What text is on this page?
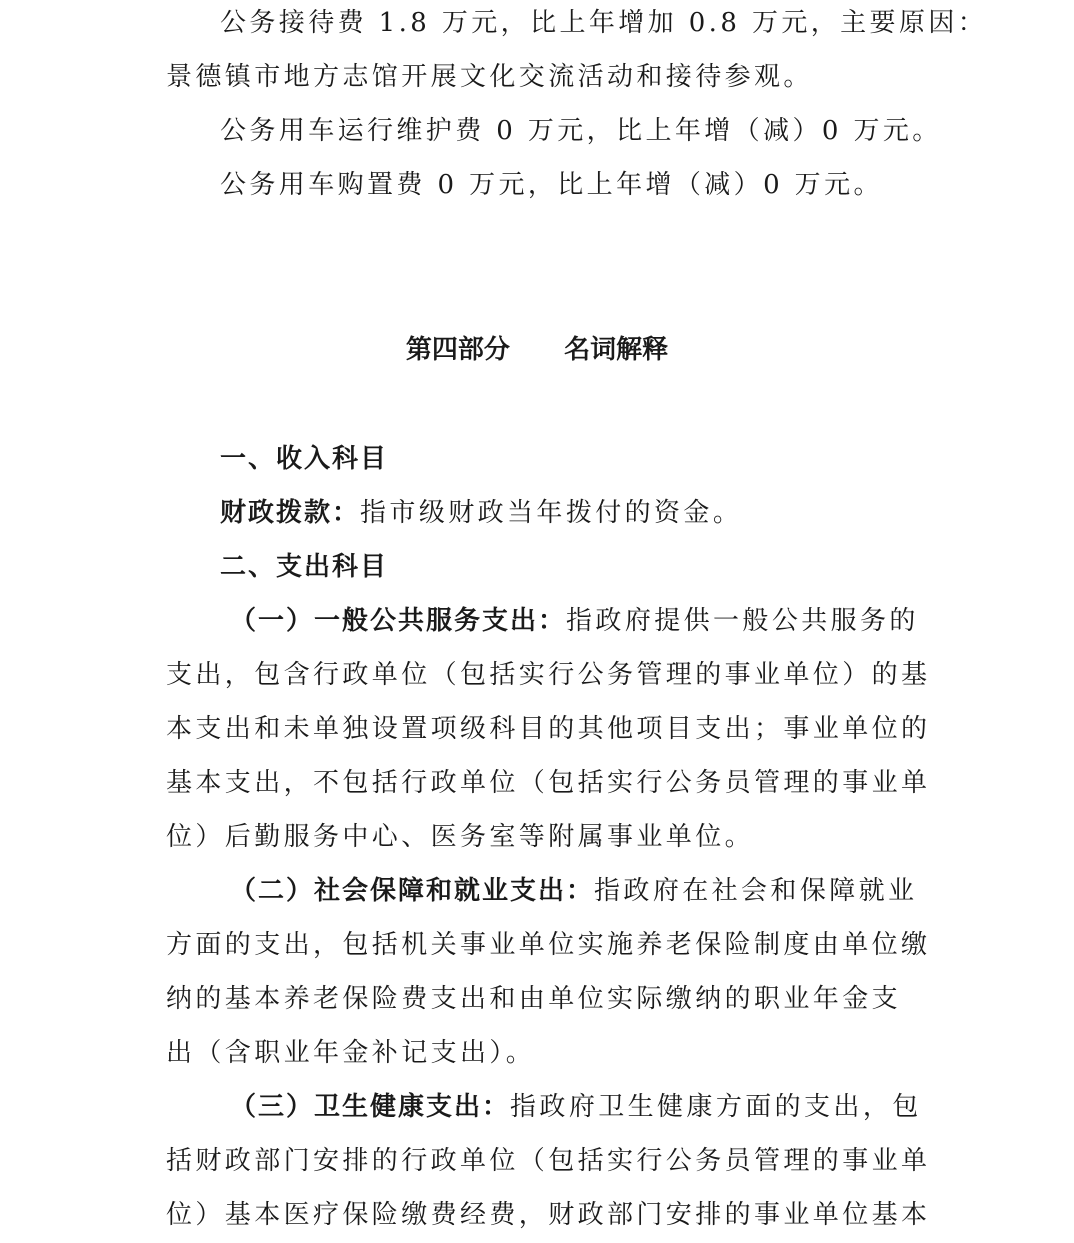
公务接待费 1.8 万元，比上年增加 0.8 万元，主要原因：
景德镇市地方志馆开展文化交流活动和接待参观。
公务用车运行维护费 0 万元，比上年增（减）0 万元。
公务用车购置费 0 万元，比上年增（减）0 万元。
第四部分      名词解释
一、收入科目
财政拨款：指市级财政当年拨付的资金。
二、支出科目
（一）一般公共服务支出：指政府提供一般公共服务的
支出，包含行政单位（包括实行公务管理的事业单位）的基
本支出和未单独设置项级科目的其他项目支出；事业单位的
基本支出，不包括行政单位（包括实行公务员管理的事业单
位）后勤服务中心、医务室等附属事业单位。
（二）社会保障和就业支出：指政府在社会和保障就业
方面的支出，包括机关事业单位实施养老保险制度由单位缴
纳的基本养老保险费支出和由单位实际缴纳的职业年金支
出（含职业年金补记支出）。
（三）卫生健康支出：指政府卫生健康方面的支出，包
括财政部门安排的行政单位（包括实行公务员管理的事业单
位）基本医疗保险缴费经费，财政部门安排的事业单位基本
